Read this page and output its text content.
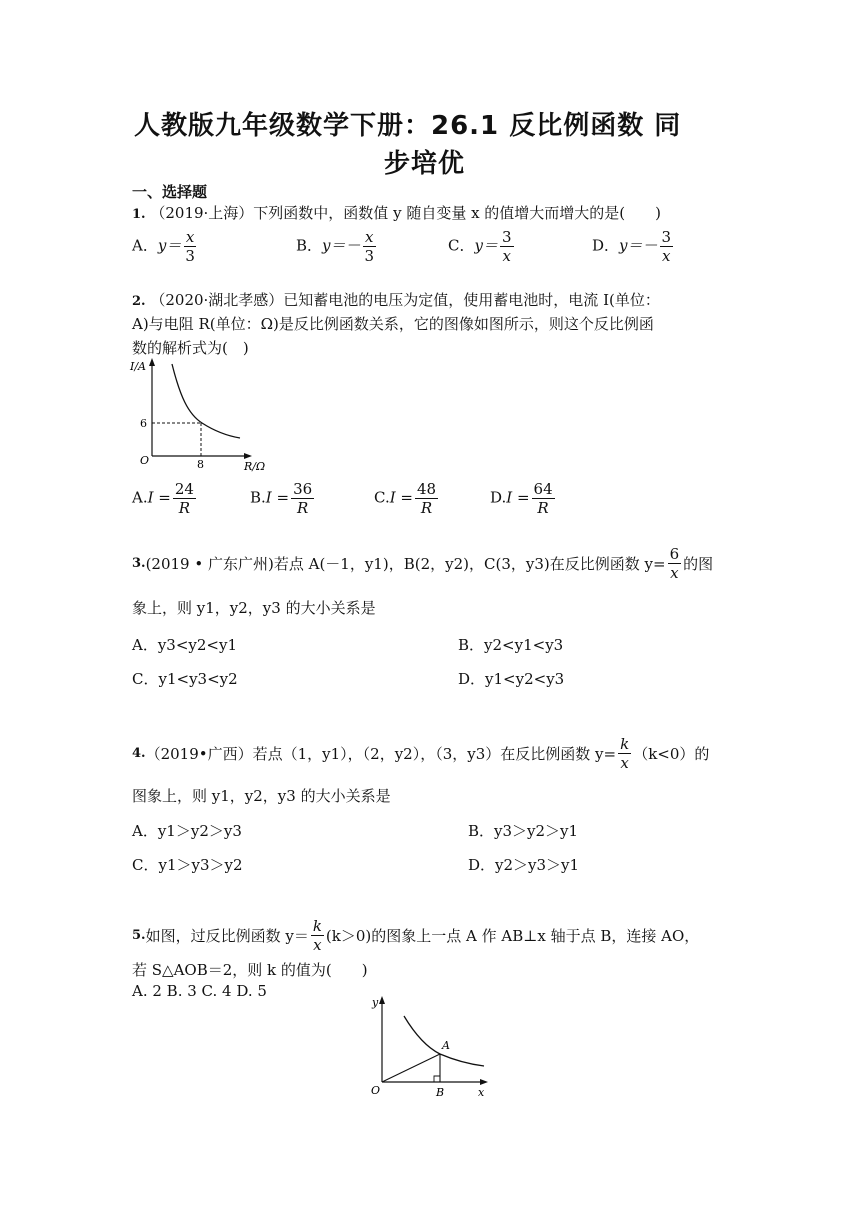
人教版九年级数学下册：26.1 反比例函数 同
步培优
一、选择题
1. （2019·上海）下列函数中，函数值 y 随自变量 x 的值增大而增大的是(　　)
A．$y= \frac{x}{3}$	B．$y=- \frac{x}{3}$	C．$y= \frac{3}{x}$	D．$y=- \frac{3}{x}$
2. （2020·湖北孝感）已知蓄电池的电压为定值，使用蓄电池时，电流 I(单位：
A)与电阻 R(单位：Ω)是反比例函数关系，它的图像如图所示，则这个反比例函
数的解析式为(　)
I/A
R/Ω
O
6
8
$A.I = \frac{24}{R}$	$B.I = \frac{36}{R}$	$C.I = \frac{48}{R}$	$D.I = \frac{64}{R}$
3. (2019 • 广东广州)若点 A(－1，y1)，B(2，y2)，C(3，y3)在反比例函数 $y= \frac{6}{x}$ 的图
象上，则 y1，y2，y3 的大小关系是
A．y3<y2<y1	B．y2<y1<y3
C．y1<y3<y2	D．y1<y2<y3
4. （2019•广西）若点（1，y1），（2，y2），（3，y3）在反比例函数 $y= \frac{k}{x} (k<0)$的
图象上，则 y1，y2，y3 的大小关系是
A．y1＞y2＞y3	B．y3＞y2＞y1
C．y1＞y3＞y2	D．y2＞y3＞y1
5. 如图，过反比例函数 $y= \frac{k}{x} (k>0)$的图象上一点 A 作 AB⊥x 轴于点 B，连接 AO，
若 S△AOB＝2，则 k 的值为(　　)
A. 2 B. 3 C. 4 D. 5
y
x
O
A
B
